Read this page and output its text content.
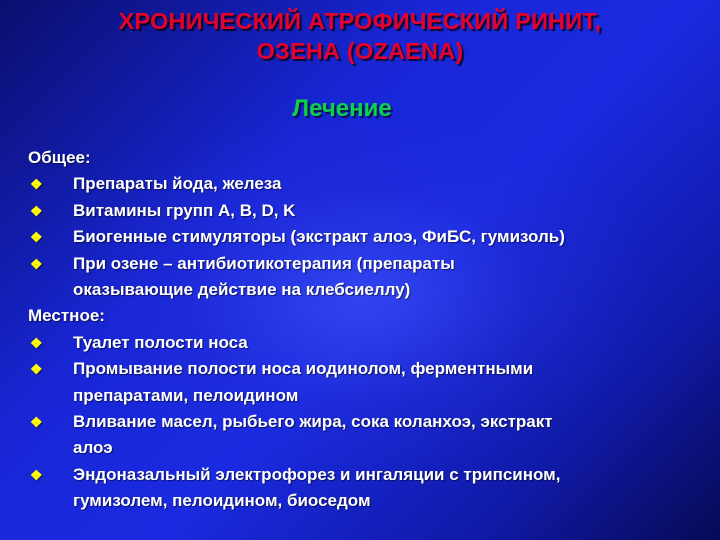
ХРОНИЧЕСКИЙ АТРОФИЧЕСКИЙ РИНИТ,
ОЗЕНА (OZAENA)
Лечение
Общее:
❖	Препараты йода, железа
❖	Витамины групп A, B, D, K
❖	Биогенные стимуляторы (экстракт алоэ, ФиБС, гумизоль)
❖	При озене – антибиотикотерапия (препараты
оказывающие действие на клебсиеллу)
Местное:
❖	Туалет полости носа
❖	Промывание полости носа иодинолом, ферментными
препаратами, пелоидином
❖	Вливание масел, рыбьего жира, сока коланхоэ, экстракт
алоэ
❖	Эндоназальный электрофорез и ингаляции с трипсином,
гумизолем, пелоидином, биоседом
